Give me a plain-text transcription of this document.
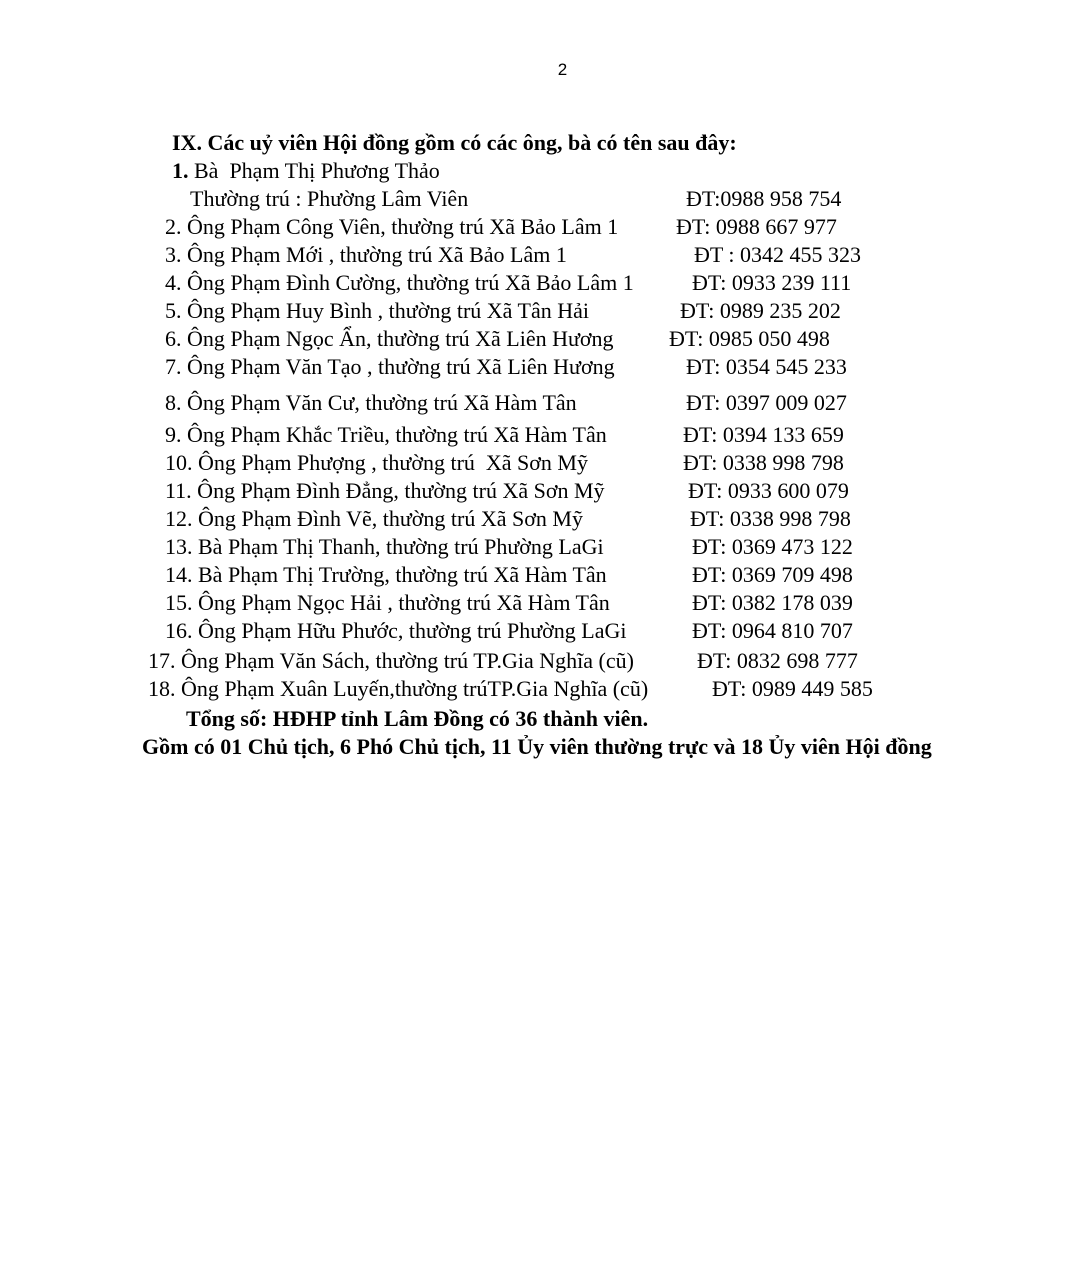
2
IX. Các uỷ viên Hội đồng gồm có các ông, bà có tên sau đây:
1. Bà  Phạm Thị Phương Thảo
Thường trú : Phường Lâm Viên	ĐT:0988 958 754
2. Ông Phạm Công Viên, thường trú Xã Bảo Lâm 1	ĐT: 0988 667 977
3. Ông Phạm Mới , thường trú Xã Bảo Lâm 1	ĐT : 0342 455 323
4. Ông Phạm Đình Cường, thường trú Xã Bảo Lâm 1	ĐT: 0933 239 111
5. Ông Phạm Huy Bình , thường trú Xã Tân Hải	ĐT: 0989 235 202
6. Ông Phạm Ngọc Ẩn, thường trú Xã Liên Hương	ĐT: 0985 050 498
7. Ông Phạm Văn Tạo , thường trú Xã Liên Hương	ĐT: 0354 545 233
8. Ông Phạm Văn Cư, thường trú Xã Hàm Tân	ĐT: 0397 009 027
9. Ông Phạm Khắc Triều, thường trú Xã Hàm Tân	ĐT: 0394 133 659
10. Ông Phạm Phượng , thường trú  Xã Sơn Mỹ	ĐT: 0338 998 798
11. Ông Phạm Đình Đẳng, thường trú Xã Sơn Mỹ	ĐT: 0933 600 079
12. Ông Phạm Đình Vẽ, thường trú Xã Sơn Mỹ	ĐT: 0338 998 798
13. Bà Phạm Thị Thanh, thường trú Phường LaGi	ĐT: 0369 473 122
14. Bà Phạm Thị Trường, thường trú Xã Hàm Tân	ĐT: 0369 709 498
15. Ông Phạm Ngọc Hải , thường trú Xã Hàm Tân	ĐT: 0382 178 039
16. Ông Phạm Hữu Phước, thường trú Phường LaGi	ĐT: 0964 810 707
17. Ông Phạm Văn Sách, thường trú TP.Gia Nghĩa (cũ)	ĐT: 0832 698 777
18. Ông Phạm Xuân Luyến,thường trúTP.Gia Nghĩa (cũ)	ĐT: 0989 449 585
Tổng số: HĐHP tỉnh Lâm Đồng có 36 thành viên.
Gồm có 01 Chủ tịch, 6 Phó Chủ tịch, 11 Ủy viên thường trực và 18 Ủy viên Hội đồng
